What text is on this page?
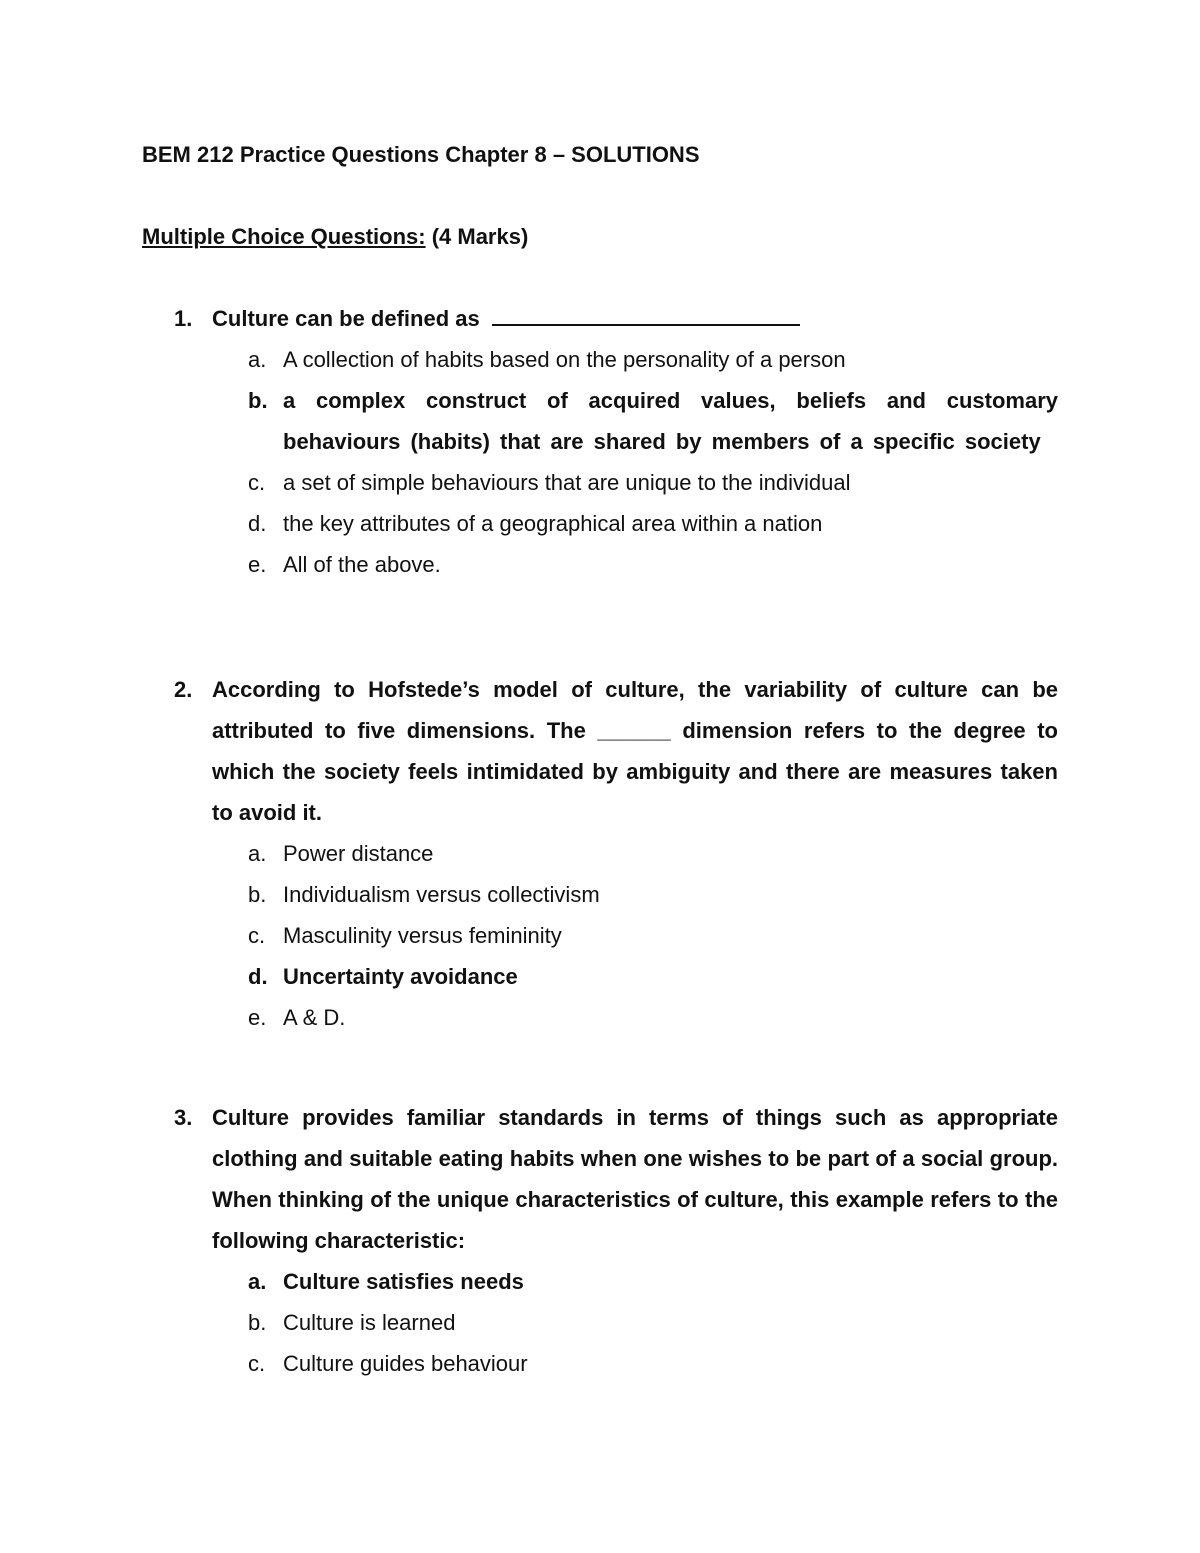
BEM 212 Practice Questions Chapter 8 – SOLUTIONS
Multiple Choice Questions: (4 Marks)
1. Culture can be defined as
a. A collection of habits based on the personality of a person
b. a complex construct of acquired values, beliefs and customary behaviours (habits) that are shared by members of a specific society
c. a set of simple behaviours that are unique to the individual
d. the key attributes of a geographical area within a nation
e. All of the above.
2. According to Hofstede’s model of culture, the variability of culture can be attributed to five dimensions. The ______ dimension refers to the degree to which the society feels intimidated by ambiguity and there are measures taken to avoid it.
a. Power distance
b. Individualism versus collectivism
c. Masculinity versus femininity
d. Uncertainty avoidance
e. A & D.
3. Culture provides familiar standards in terms of things such as appropriate clothing and suitable eating habits when one wishes to be part of a social group. When thinking of the unique characteristics of culture, this example refers to the following characteristic:
a. Culture satisfies needs
b. Culture is learned
c. Culture guides behaviour
